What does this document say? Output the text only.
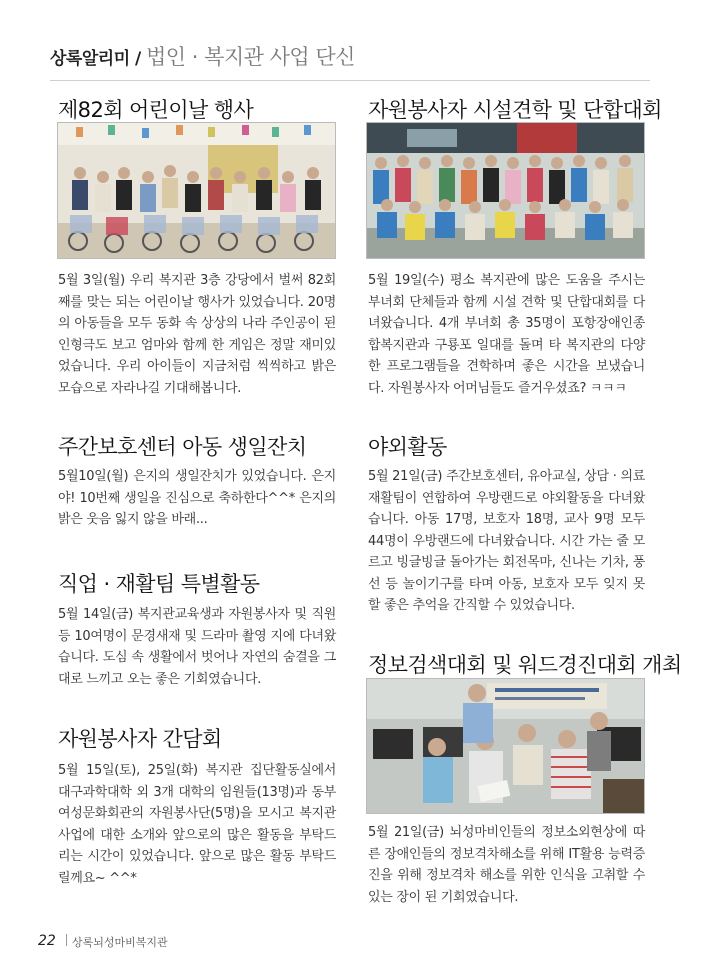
상록알리미 / 법인 · 복지관 사업 단신
제82회 어린이날 행사

5월 3일(월) 우리 복지관 3층 강당에서 벌써 82회째를 맞는 되는 어린이날 행사가 있었습니다. 20명의 아동들을 모두 동화 속 상상의 나라 주인공이 된 인형극도 보고 엄마와 함께 한 게임은 정말 재미있었습니다. 우리 아이들이 지금처럼 씩씩하고 밝은 모습으로 자라나길 기대해봅니다.

주간보호센터 아동 생일잔치

5월10일(월) 은지의 생일잔치가 있었습니다. 은지야! 10번째 생일을 진심으로 축하한다^^* 은지의 밝은 웃음 잃지 않을 바래...

직업 · 재활팀 특별활동

5월 14일(금) 복지관교육생과 자원봉사자 및 직원 등 10여명이 문경새재 및 드라마 촬영 지에 다녀왔습니다. 도심 속 생활에서 벗어나 자연의 숨결을 그대로 느끼고 오는 좋은 기회였습니다.

자원봉사자 간담회

5월 15일(토), 25일(화) 복지관 집단활동실에서 대구과학대학 외 3개 대학의 임원들(13명)과 동부여성문화회관의 자원봉사단(5명)을 모시고 복지관 사업에 대한 소개와 앞으로의 많은 활동을 부탁드리는 시간이 있었습니다. 앞으로 많은 활동 부탁드릴께요~ ^^*

자원봉사자 시설견학 및 단합대회

5월 19일(수) 평소 복지관에 많은 도움을 주시는 부녀회 단체들과 함께 시설 견학 및 단합대회를 다녀왔습니다. 4개 부녀회 총 35명이 포항장애인종합복지관과 구룡포 일대를 돌며 타 복지관의 다양한 프로그램들을 견학하며 좋은 시간을 보냈습니다. 자원봉사자 어머님들도 즐거우셨죠? ㅋㅋㅋ

야외활동

5월 21일(금) 주간보호센터, 유아교실, 상담 · 의료재활팀이 연합하여 우방랜드로 야외활동을 다녀왔습니다. 아동 17명, 보호자 18명, 교사 9명 모두 44명이 우방랜드에 다녀왔습니다. 시간 가는 줄 모르고 빙글빙글 돌아가는 회전목마, 신나는 기차, 풍선 등 놀이기구를 타며 아동, 보호자 모두 잊지 못할 좋은 추억을 간직할 수 있었습니다.

정보검색대회 및 워드경진대회 개최

5월 21일(금) 뇌성마비인들의 정보소외현상에 따른 장애인들의 정보격차해소를 위해 IT활용 능력증진을 위해 정보격차 해소를 위한 인식을 고취할 수 있는 장이 된 기회였습니다.

22 상록뇌성마비복지관
